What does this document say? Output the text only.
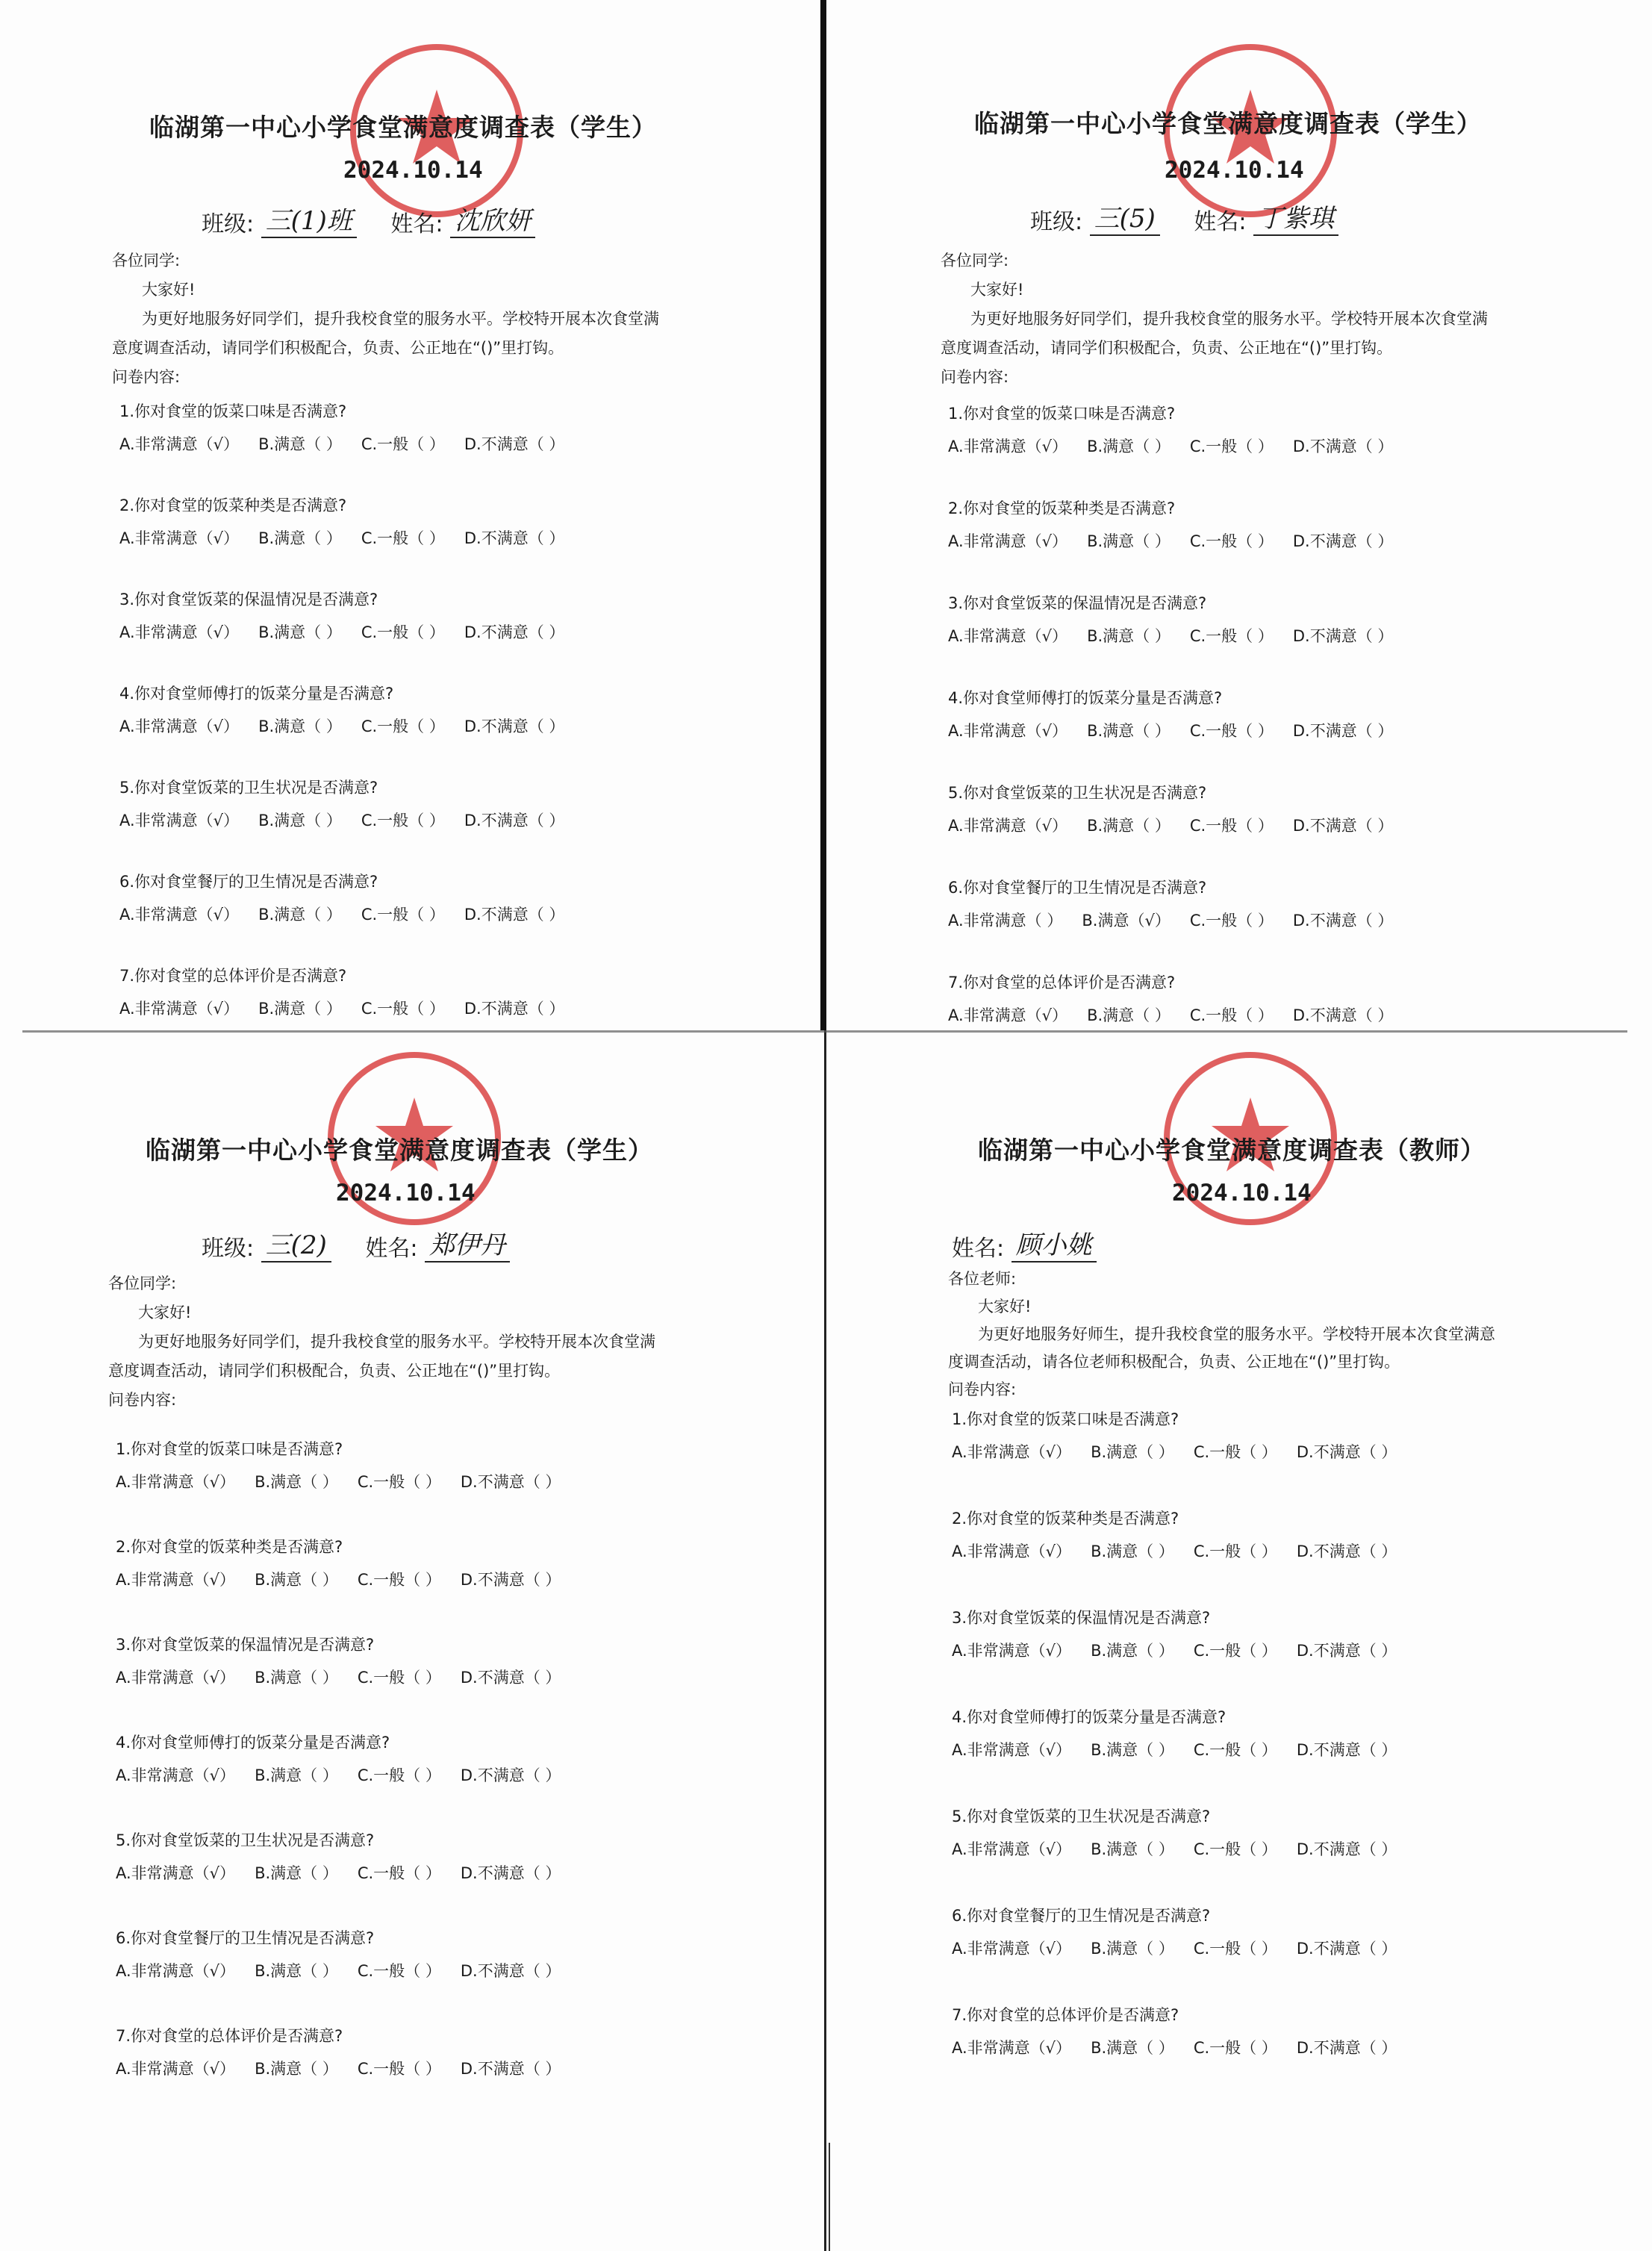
临湖第一中心小学食堂满意度调查表（学生）
2024.10.14
班级: 三(1)班 姓名: 沈欣妍
各位同学:
大家好!
为更好地服务好同学们，提升我校食堂的服务水平。学校特开展本次食堂满
意度调查活动，请同学们积极配合，负责、公正地在“()”里打钩。
问卷内容:
1.你对食堂的饭菜口味是否满意?
A.非常满意（√） B.满意（ ） C.一般（ ） D.不满意（ ）
2.你对食堂的饭菜种类是否满意?
A.非常满意（√） B.满意（ ） C.一般（ ） D.不满意（ ）
3.你对食堂饭菜的保温情况是否满意?
A.非常满意（√） B.满意（ ） C.一般（ ） D.不满意（ ）
4.你对食堂师傅打的饭菜分量是否满意?
A.非常满意（√） B.满意（ ） C.一般（ ） D.不满意（ ）
5.你对食堂饭菜的卫生状况是否满意?
A.非常满意（√） B.满意（ ） C.一般（ ） D.不满意（ ）
6.你对食堂餐厅的卫生情况是否满意?
A.非常满意（√） B.满意（ ） C.一般（ ） D.不满意（ ）
7.你对食堂的总体评价是否满意?
A.非常满意（√） B.满意（ ） C.一般（ ） D.不满意（ ）
临湖第一中心小学食堂满意度调查表（学生）
2024.10.14
班级: 三(5) 姓名: 丁紫琪
各位同学:
大家好!
为更好地服务好同学们，提升我校食堂的服务水平。学校特开展本次食堂满
意度调查活动，请同学们积极配合，负责、公正地在“()”里打钩。
问卷内容:
1.你对食堂的饭菜口味是否满意?
A.非常满意（√） B.满意（ ） C.一般（ ） D.不满意（ ）
2.你对食堂的饭菜种类是否满意?
A.非常满意（√） B.满意（ ） C.一般（ ） D.不满意（ ）
3.你对食堂饭菜的保温情况是否满意?
A.非常满意（√） B.满意（ ） C.一般（ ） D.不满意（ ）
4.你对食堂师傅打的饭菜分量是否满意?
A.非常满意（√） B.满意（ ） C.一般（ ） D.不满意（ ）
5.你对食堂饭菜的卫生状况是否满意?
A.非常满意（√） B.满意（ ） C.一般（ ） D.不满意（ ）
6.你对食堂餐厅的卫生情况是否满意?
A.非常满意（ ） B.满意（√） C.一般（ ） D.不满意（ ）
7.你对食堂的总体评价是否满意?
A.非常满意（√） B.满意（ ） C.一般（ ） D.不满意（ ）
临湖第一中心小学食堂满意度调查表（学生）
2024.10.14
班级: 三(2) 姓名: 郑伊丹
各位同学:
大家好!
为更好地服务好同学们，提升我校食堂的服务水平。学校特开展本次食堂满
意度调查活动，请同学们积极配合，负责、公正地在“()”里打钩。
问卷内容:
1.你对食堂的饭菜口味是否满意?
A.非常满意（√） B.满意（ ） C.一般（ ） D.不满意（ ）
2.你对食堂的饭菜种类是否满意?
A.非常满意（√） B.满意（ ） C.一般（ ） D.不满意（ ）
3.你对食堂饭菜的保温情况是否满意?
A.非常满意（√） B.满意（ ） C.一般（ ） D.不满意（ ）
4.你对食堂师傅打的饭菜分量是否满意?
A.非常满意（√） B.满意（ ） C.一般（ ） D.不满意（ ）
5.你对食堂饭菜的卫生状况是否满意?
A.非常满意（√） B.满意（ ） C.一般（ ） D.不满意（ ）
6.你对食堂餐厅的卫生情况是否满意?
A.非常满意（√） B.满意（ ） C.一般（ ） D.不满意（ ）
7.你对食堂的总体评价是否满意?
A.非常满意（√） B.满意（ ） C.一般（ ） D.不满意（ ）
临湖第一中心小学食堂满意度调查表（教师）
2024.10.14
姓名: 顾小姚
各位老师:
大家好!
为更好地服务好师生，提升我校食堂的服务水平。学校特开展本次食堂满意
度调查活动，请各位老师积极配合，负责、公正地在“()”里打钩。
问卷内容:
1.你对食堂的饭菜口味是否满意?
A.非常满意（√） B.满意（ ） C.一般（ ） D.不满意（ ）
2.你对食堂的饭菜种类是否满意?
A.非常满意（√） B.满意（ ） C.一般（ ） D.不满意（ ）
3.你对食堂饭菜的保温情况是否满意?
A.非常满意（√） B.满意（ ） C.一般（ ） D.不满意（ ）
4.你对食堂师傅打的饭菜分量是否满意?
A.非常满意（√） B.满意（ ） C.一般（ ） D.不满意（ ）
5.你对食堂饭菜的卫生状况是否满意?
A.非常满意（√） B.满意（ ） C.一般（ ） D.不满意（ ）
6.你对食堂餐厅的卫生情况是否满意?
A.非常满意（√） B.满意（ ） C.一般（ ） D.不满意（ ）
7.你对食堂的总体评价是否满意?
A.非常满意（√） B.满意（ ） C.一般（ ） D.不满意（ ）
